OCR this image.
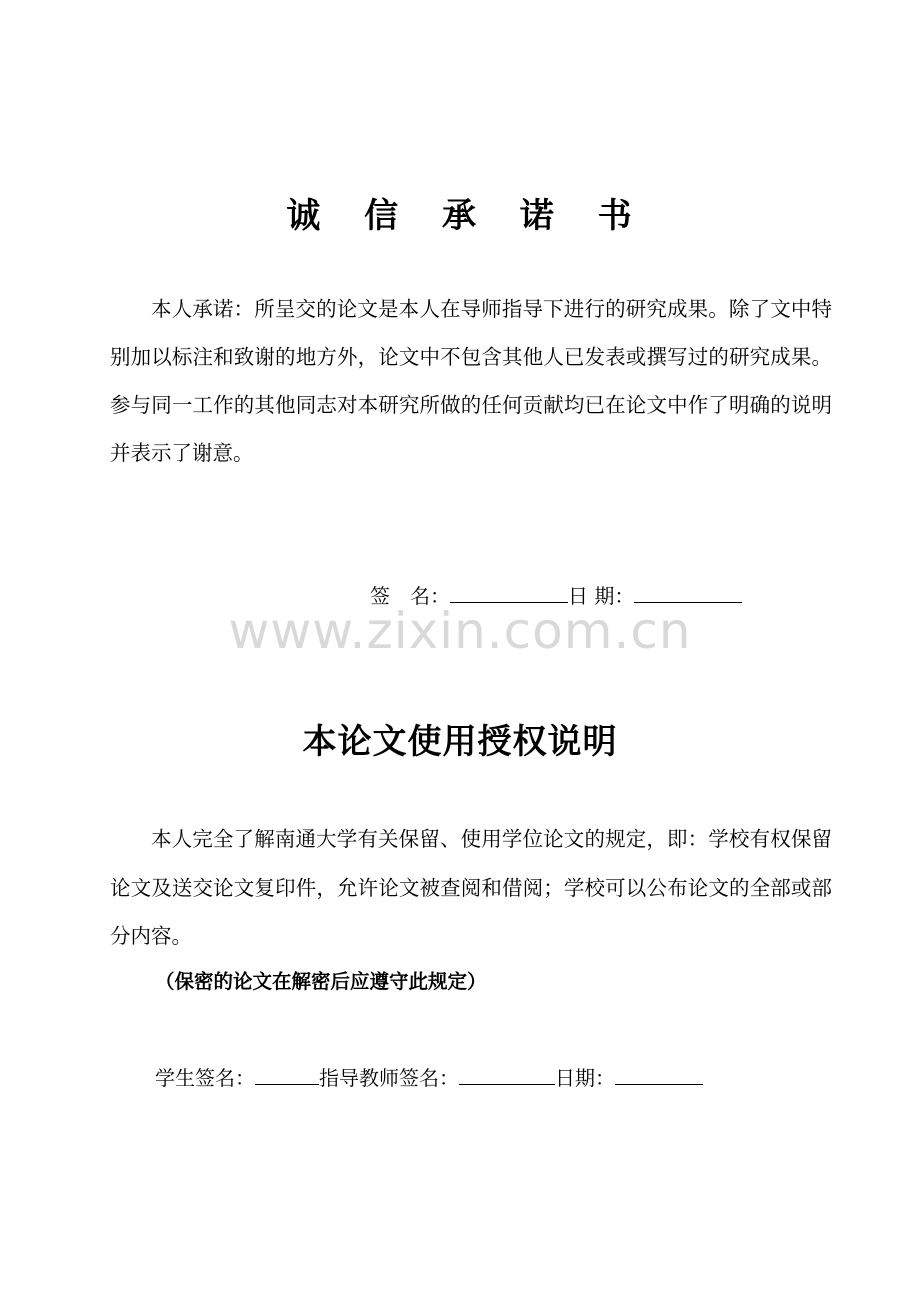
诚 信 承 诺 书

本人承诺：所呈交的论文是本人在导师指导下进行的研究成果。除了文中特别加以标注和致谢的地方外，论文中不包含其他人已发表或撰写过的研究成果。参与同一工作的其他同志对本研究所做的任何贡献均已在论文中作了明确的说明并表示了谢意。

签　名：	日 期：
www.zixin.com.cn
本论文使用授权说明

本人完全了解南通大学有关保留、使用学位论文的规定，即：学校有权保留论文及送交论文复印件，允许论文被查阅和借阅；学校可以公布论文的全部或部分内容。

（保密的论文在解密后应遵守此规定）
学生签名：	指导教师签名：	日期：
